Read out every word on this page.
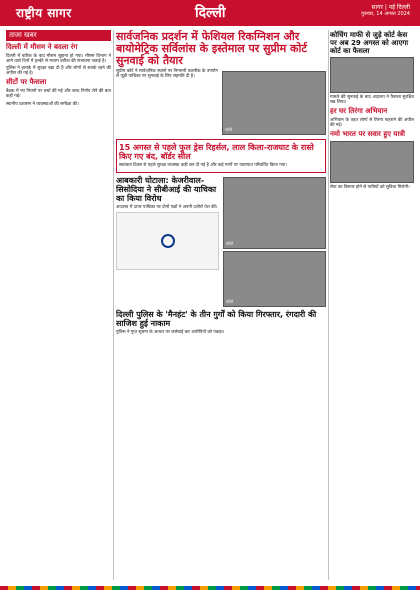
राष्ट्रीय सागर	दिल्ली	सागर | नई दिल्ली
गुरुवार, 14 अगस्त 2024
ताजा खबर
दिल्ली में मौसम ने बदला रंग

दिल्ली में बारिश के बाद मौसम सुहाना हो गया। मौसम विभाग ने आने वाले दिनों में हल्की से मध्यम बारिश की संभावना जताई है।

पुलिस ने इलाके में सुरक्षा बढ़ा दी है और लोगों से सतर्क रहने की अपील की गई है।

सीटों पर फैसला

बैठक में नए नियमों पर चर्चा की गई और जल्द निर्णय लेने की बात कही गई।

स्थानीय प्रशासन ने व्यवस्थाओं की समीक्षा की।

सार्वजनिक प्रदर्शन में फेशियल रिकग्निशन और बायोमेट्रिक सर्विलांस के इस्तेमाल पर सुप्रीम कोर्ट सुनवाई को तैयार

सुप्रीम कोर्ट ने सार्वजनिक स्थानों पर निगरानी तकनीक के उपयोग से जुड़ी याचिका पर सुनवाई के लिए सहमति दी है।

फोटो
15 अगस्त से पहले फुल ड्रेस रिहर्सल, लाल किला-राजघाट के रास्ते किए गए बंद, बॉर्डर सील

स्वतंत्रता दिवस से पहले सुरक्षा व्यवस्था कड़ी कर दी गई है और कई मार्गों पर यातायात परिवर्तित किया गया।

आबकारी घोटाला: केजरीवाल-सिसोदिया ने सीबीआई की याचिका का किया विरोध

अदालत में दायर याचिका पर दोनों पक्षों ने अपनी दलीलें पेश कीं।

फोटो
फोटो
दिल्ली पुलिस के 'मैनहंट' के तीन गुर्गों को किया गिरफ्तार, रंगदारी की साजिश हुई नाकाम

पुलिस ने गुप्त सूचना के आधार पर कार्रवाई कर आरोपियों को पकड़ा।

कोचिंग माफी से जुड़े कोर्ट केस पर अब 29 अगस्त को आएगा कोर्ट का फैसला

मामले की सुनवाई के बाद अदालत ने फैसला सुरक्षित रख लिया।

हर घर तिरंगा अभियान

अभियान के तहत लोगों से तिरंगा फहराने की अपील की गई।

नमो भारत पर सवार हुए यात्री

सेवा का विस्तार होने से यात्रियों को सुविधा मिलेगी।
